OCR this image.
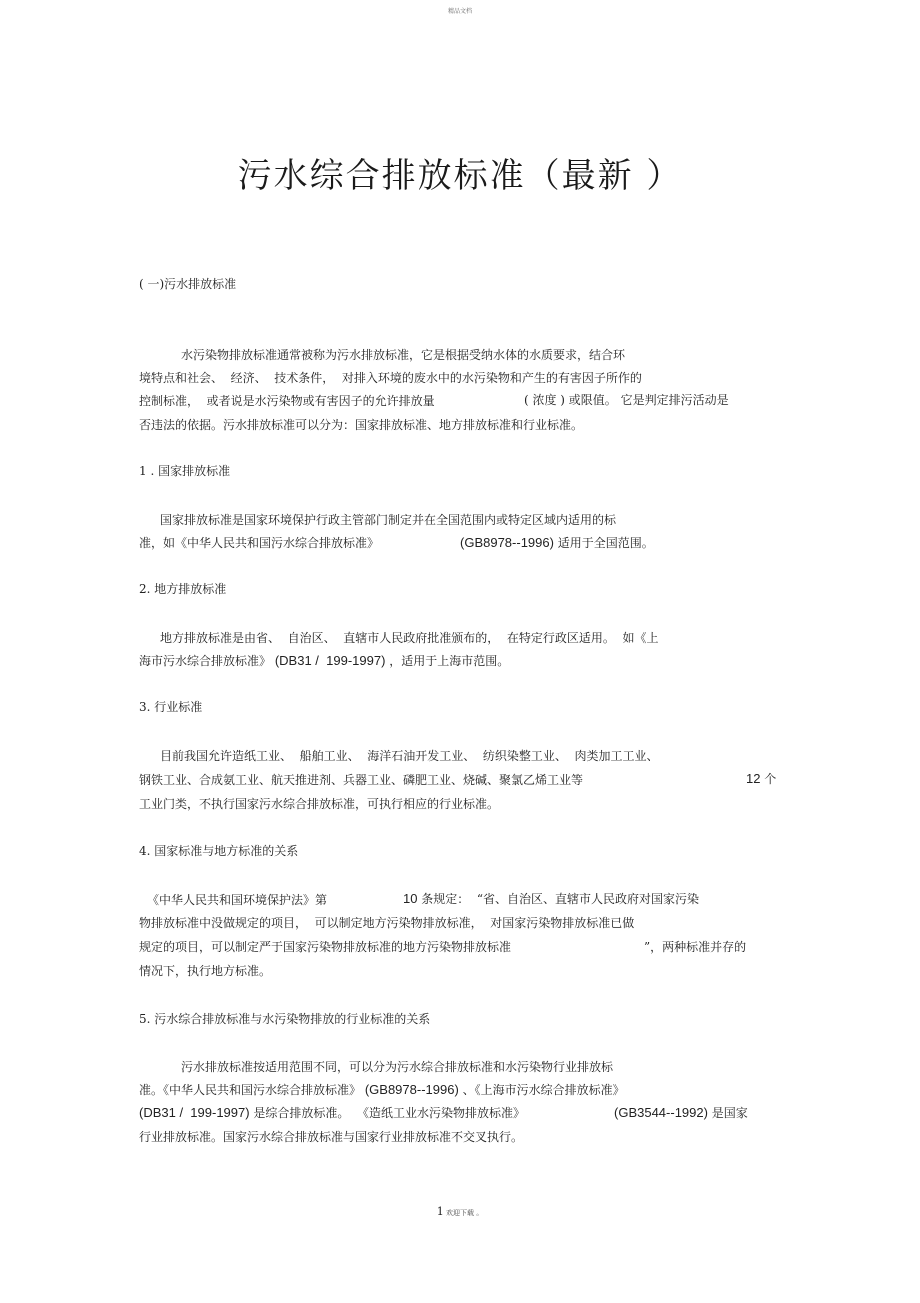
精品文档
污水综合排放标准（最新 ）
( 一)污水排放标准
水污染物排放标准通常被称为污水排放标准，它是根据受纳水体的水质要求，结合环
境特点和社会、  经济、  技术条件，  对排入环境的废水中的水污染物和产生的有害因子所作的
控制标准，  或者说是水污染物或有害因子的允许排放量	( 浓度 ) 或限值。 它是判定排污活动是
否违法的依据。污水排放标准可以分为：国家排放标准、地方排放标准和行业标准。
1 . 国家排放标准
国家排放标准是国家环境保护行政主管部门制定并在全国范围内或特定区域内适用的标
准，如《中华人民共和国污水综合排放标准》	(GB8978--1996) 适用于全国范围。
2. 地方排放标准
地方排放标准是由省、  自治区、  直辖市人民政府批准颁布的，  在特定行政区适用。  如《上
海市污水综合排放标准》 (DB31 /  199-1997) ，适用于上海市范围。
3. 行业标准
目前我国允许造纸工业、  船舶工业、  海洋石油开发工业、  纺织染整工业、  肉类加工工业、
钢铁工业、合成氨工业、航天推进剂、兵器工业、磷肥工业、烧碱、聚氯乙烯工业等	12 个
工业门类，不执行国家污水综合排放标准，可执行相应的行业标准。
4. 国家标准与地方标准的关系
《中华人民共和国环境保护法》第	10 条规定：  “省、自治区、直辖市人民政府对国家污染
物排放标准中没做规定的项目，  可以制定地方污染物排放标准，  对国家污染物排放标准已做
规定的项目，可以制定严于国家污染物排放标准的地方污染物排放标准	”，两种标准并存的
情况下，执行地方标准。
5. 污水综合排放标准与水污染物排放的行业标准的关系
污水排放标准按适用范围不同，可以分为污水综合排放标准和水污染物行业排放标
准。《中华人民共和国污水综合排放标准》 (GB8978--1996) 、《上海市污水综合排放标准》
(DB31 /  199-1997) 是综合排放标准。  《造纸工业水污染物排放标准》	(GB3544--1992) 是国家
行业排放标准。国家污水综合排放标准与国家行业排放标准不交叉执行。
1 欢迎下载 。
